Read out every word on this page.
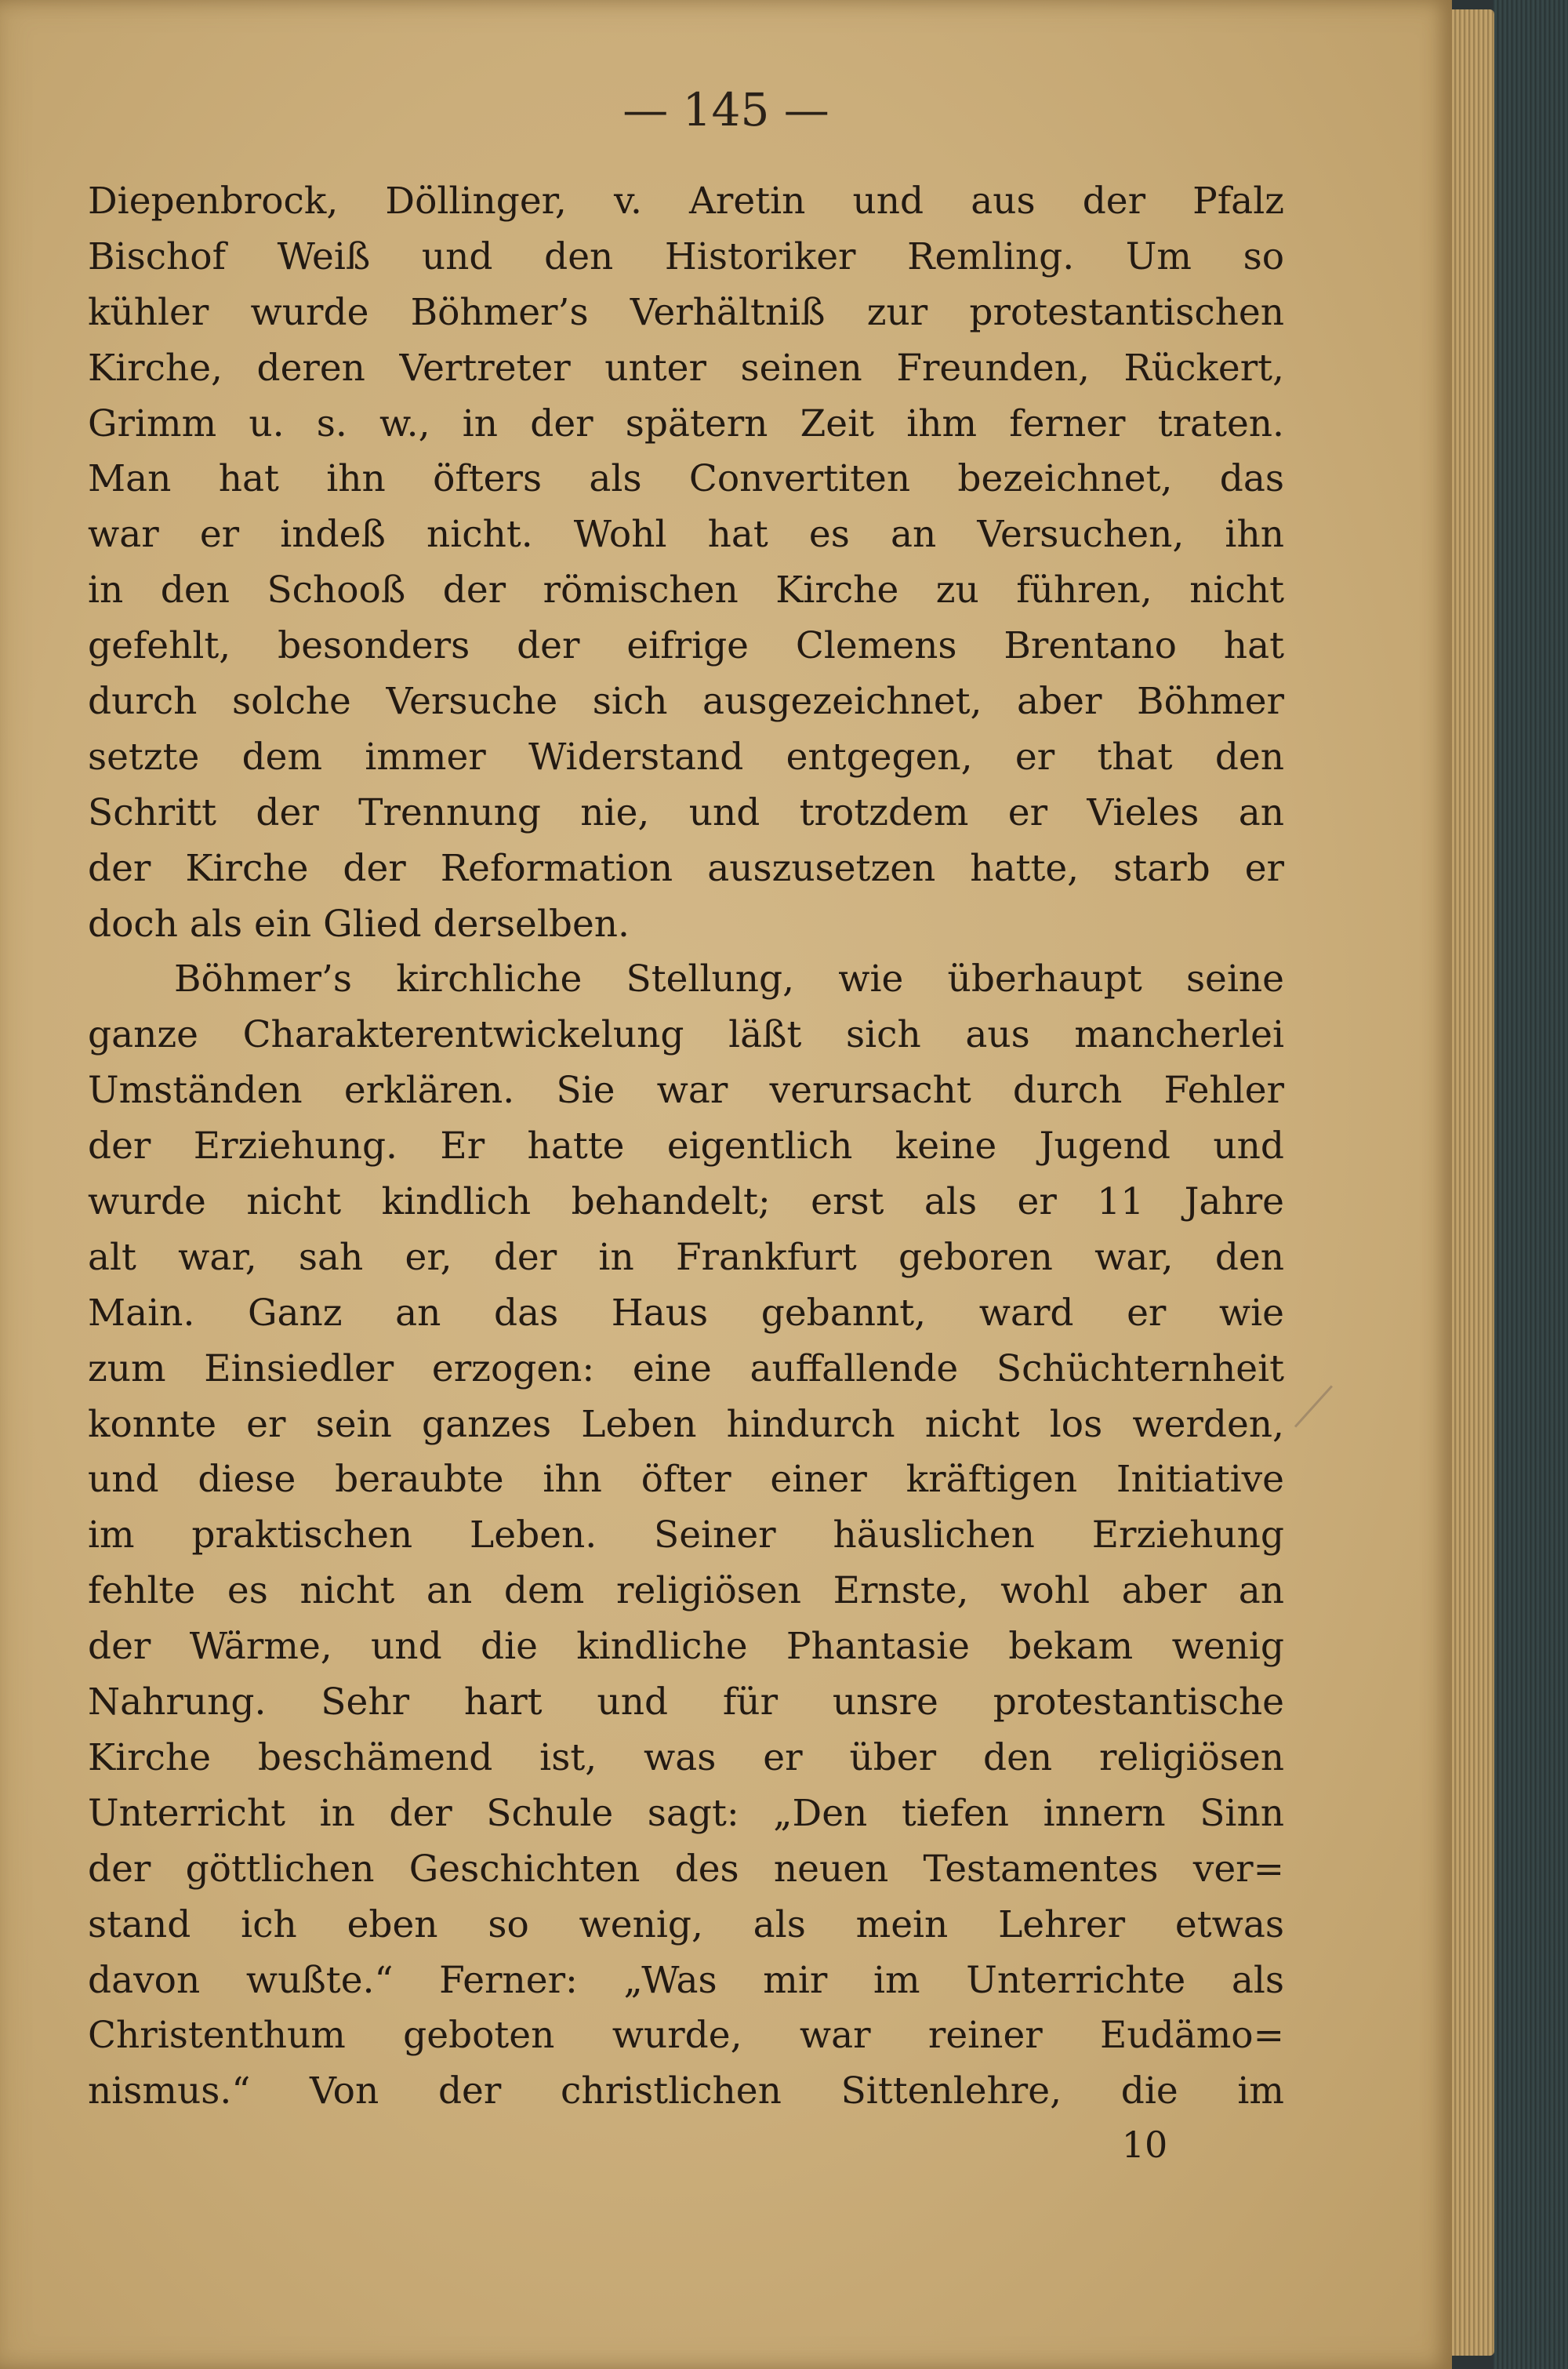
— 145 —
Diepenbrock, Döllinger, v. Aretin und aus der Pfalz
Bischof Weiß und den Historiker Remling. Um so
kühler wurde Böhmer’s Verhältniß zur protestantischen
Kirche, deren Vertreter unter seinen Freunden, Rückert,
Grimm u. s. w., in der spätern Zeit ihm ferner traten.
Man hat ihn öfters als Convertiten bezeichnet, das
war er indeß nicht. Wohl hat es an Versuchen, ihn
in den Schooß der römischen Kirche zu führen, nicht
gefehlt, besonders der eifrige Clemens Brentano hat
durch solche Versuche sich ausgezeichnet, aber Böhmer
setzte dem immer Widerstand entgegen, er that den
Schritt der Trennung nie, und trotzdem er Vieles an
der Kirche der Reformation auszusetzen hatte, starb er
doch als ein Glied derselben.
Böhmer’s kirchliche Stellung, wie überhaupt seine
ganze Charakterentwickelung läßt sich aus mancherlei
Umständen erklären. Sie war verursacht durch Fehler
der Erziehung. Er hatte eigentlich keine Jugend und
wurde nicht kindlich behandelt; erst als er 11 Jahre
alt war, sah er, der in Frankfurt geboren war, den
Main. Ganz an das Haus gebannt, ward er wie
zum Einsiedler erzogen: eine auffallende Schüchternheit
konnte er sein ganzes Leben hindurch nicht los werden,
und diese beraubte ihn öfter einer kräftigen Initiative
im praktischen Leben. Seiner häuslichen Erziehung
fehlte es nicht an dem religiösen Ernste, wohl aber an
der Wärme, und die kindliche Phantasie bekam wenig
Nahrung. Sehr hart und für unsre protestantische
Kirche beschämend ist, was er über den religiösen
Unterricht in der Schule sagt: „Den tiefen innern Sinn
der göttlichen Geschichten des neuen Testamentes ver=
stand ich eben so wenig, als mein Lehrer etwas
davon wußte.“ Ferner: „Was mir im Unterrichte als
Christenthum geboten wurde, war reiner Eudämo=
nismus.“ Von der christlichen Sittenlehre, die im
10
